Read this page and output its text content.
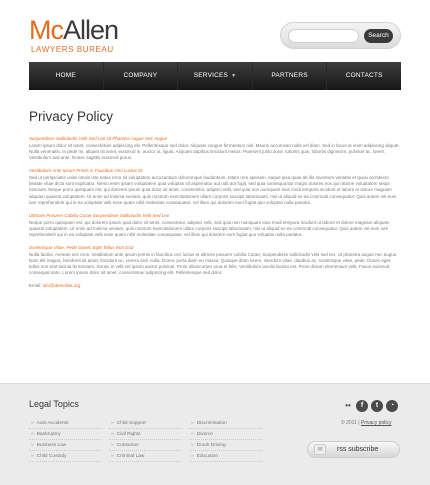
McAllen
LAWYERS BUREAU
Search
HOME	COMPANY	SERVICES ▼	PARTNERS	CONTACTS
Privacy Policy
Suspendisse Sollicitudin Velit Sed Leo Ut Pharetra Augue Nec Augue
Lorem ipsum dolor sit amet, consectetuer adipiscing elit. Pellentesque sed dolor. Aliquam congue fermentum nisl. Mauris accumsan nulla vel diam. Sed in lacus ut enim adipiscing aliquet. Nulla venenatis. In pede mi, aliquet sit amet, euismod in, auctor ut, ligula. Aliquam dapibus tincidunt metus. Praesent justo dolor, lobortis quis, lobortis dignissim, pulvinar ac, lorem. Vestibulum sed ante. Donec sagittis euismod purus.
Vestibulum Ante Ipsum Primis in Faucibus Orci Luctus Et
Sed ut perspiciatis unde omnis iste natus error sit voluptatem accusantium doloremque laudantium, totam rem aperiam, eaque ipsa quae ab illo inventore veritatis et quasi architecto beatae vitae dicta sunt explicabo. Nemo enim ipsam voluptatem quia voluptas sit aspernatur aut odit aut fugit, sed quia consequuntur magni dolores eos qui ratione voluptatem sequi nesciunt. Neque porro quisquam est, qui dolorem ipsum quia dolor sit amet, consectetur, adipisci velit, sed quia non numquam eius modi tempora incidunt ut labore et dolore magnam aliquam quaerat voluptatem. Ut enim ad minima veniam, quis nostrum exercitationem ullam corporis suscipit laboriosam, nisi ut aliquid ex ea commodi consequatur. Quis autem vel eum iure reprehenderit qui in ea voluptate velit esse quam nihil molestiae consequatur, vel illum qui dolorem eum fugiat quo voluptas nulla pariatur.
Ultricies Posuere Cubilia Curae Suspendisse Sollicitudin Velit Sed Leo
Neque porro quisquam est, qui dolorem ipsum quia dolor sit amet, consectetur, adipisci velit, sed quia non numquam eius modi tempora incidunt ut labore et dolore magnam aliquam quaerat voluptatem. Ut enim ad minima veniam, quis nostrum exercitationem ullam corporis suscipit laboriosam, nisi ut aliquid ex ea commodi consequatur. Quis autem vel eum iure reprehenderit qui in ea voluptate velit esse quam nihil molestiae consequatur, vel illum qui dolorem eum fugiat quo voluptas nulla pariatur.
Scelerisque Vitae, Pede Donec Eget Tellus Non Erat
Nulla facilisi. Aenean nec eros. Vestibulum ante ipsum primis in faucibus orci luctus et ultrices posuere cubilia Curae; Suspendisse sollicitudin velit sed leo. Ut pharetra augue nec augue. Nam elit magna, hendrerit sit amet, tincidunt ac, viverra sed, nulla. Donec porta diam eu massa. Quisque diam lorem, interdum vitae, dapibus ac, scelerisque vitae, pede. Donec eget tellus non erat lacinia fermentum. Donec in velit vel ipsum auctor pulvinar. Proin ullamcorper urna et felis. Vestibulum iaculis lacinia est. Proin dictum elementum velit. Fusce euismod consequat ante. Lorem ipsum dolor sit amet, consectetuer adipiscing elit. Pellentesque sed dolor.
Email: info@demolink.org
Legal Topics
» Auto Accidents	» Child Support	» Discrimination
» Bankruptcy	» Civil Rights	» Divorce
» Business Law	» Consumer	» Drunk Driving
» Child Custody	» Criminal Law	» Education
••	f	t	◔
© 2011 | Privacy policy
✉	rss subscribe
